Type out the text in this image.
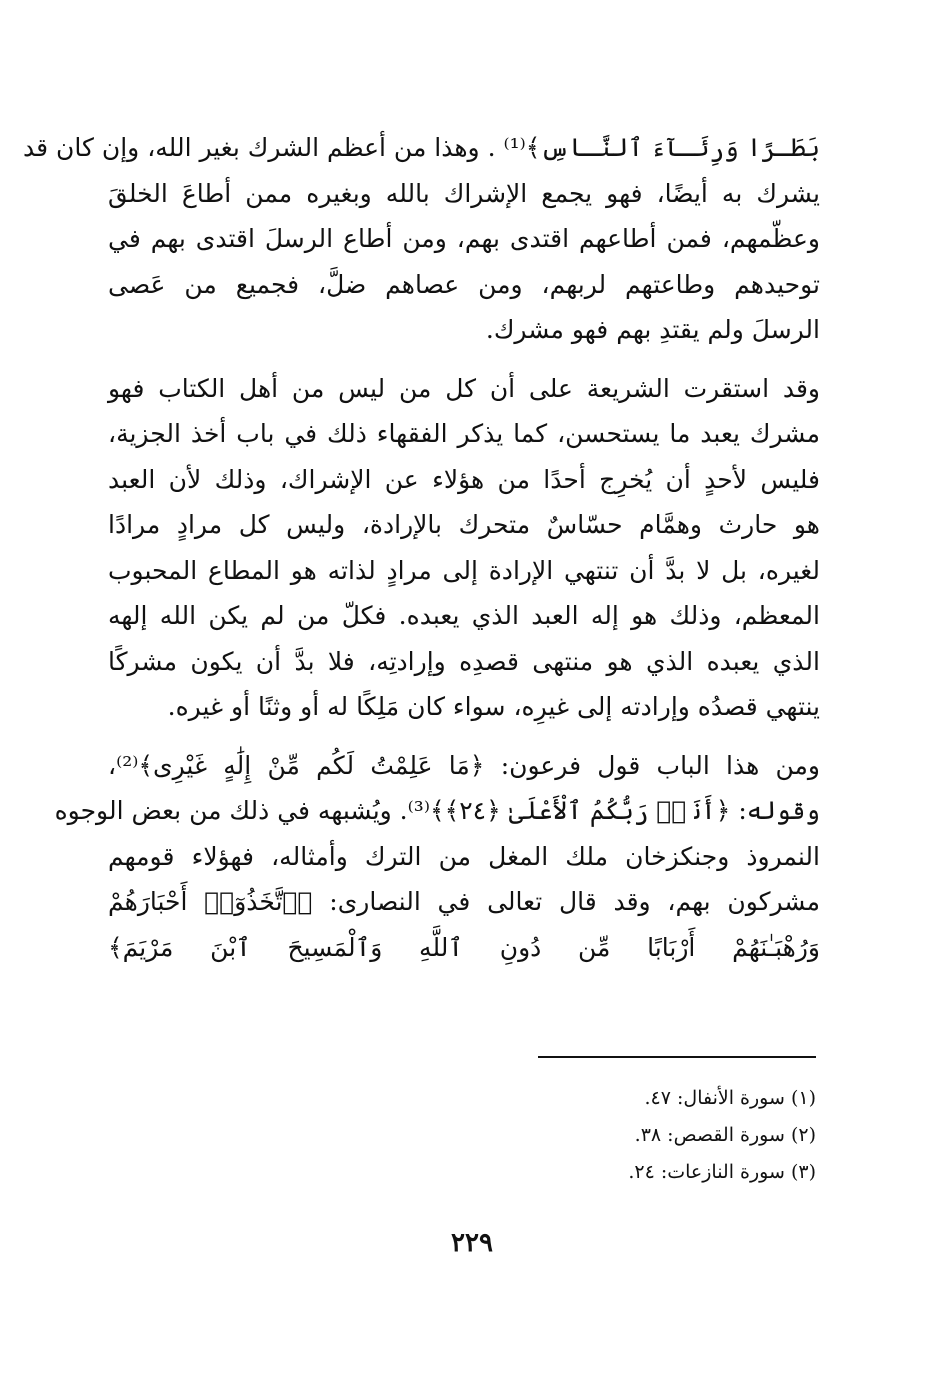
بَطَـرًا وَرِئَـآءَ ٱلنَّـاسِ﴾⁽¹⁾ . وهذا من أعظم الشرك بغير الله، وإن كان قد
يشرك به أيضًا، فهو يجمع الإشراك بالله وبغيره ممن أطاعَ الخلقَ
وعظّمهم، فمن أطاعهم اقتدى بهم، ومن أطاع الرسلَ اقتدى بهم في
توحيدهم وطاعتهم لربهم، ومن عصاهم ضلَّ، فجميع من عَصى
الرسلَ ولم يقتدِ بهم فهو مشرك.
وقد استقرت الشريعة على أن كل من ليس من أهل الكتاب فهو
مشرك يعبد ما يستحسن، كما يذكر الفقهاء ذلك في باب أخذ الجزية،
فليس لأحدٍ أن يُخرِج أحدًا من هؤلاء عن الإشراك، وذلك لأن العبد
هو حارث وهمَّام حسّاسٌ متحرك بالإرادة، وليس كل مرادٍ مرادًا
لغيره، بل لا بدَّ أن تنتهي الإرادة إلى مرادٍ لذاته هو المطاع المحبوب
المعظم، وذلك هو إله العبد الذي يعبده. فكلّ من لم يكن الله إلهه
الذي يعبده الذي هو منتهى قصدِه وإرادتِه، فلا بدَّ أن يكون مشركًا
ينتهي قصدُه وإرادته إلى غيرِه، سواء كان مَلِكًا له أو وثنًا أو غيره.
ومن هذا الباب قول فرعون: ﴿مَا عَلِمْتُ لَكُم مِّنْ إِلَٰهٍ غَيْرِى﴾⁽²⁾،
وقوله: ﴿أَنَا۠ رَبُّكُمُ ٱلْأَعْلَىٰ ﴿٢٤﴾﴾⁽³⁾. ويُشبهه في ذلك من بعض الوجوه
النمروذ وجنكزخان ملك المغل من الترك وأمثاله، فهؤلاء قومهم
مشركون بهم، وقد قال تعالى في النصارى: ﴿ٱتَّخَذُوٓا۟ أَحْبَارَهُمْ
وَرُهْبَـٰنَهُمْ أَرْبَابًا مِّن دُونِ ٱللَّهِ وَٱلْمَسِيحَ ٱبْنَ مَرْيَمَ﴾
(١) سورة الأنفال: ٤٧.
(٢) سورة القصص: ٣٨.
(٣) سورة النازعات: ٢٤.
٢٢٩
